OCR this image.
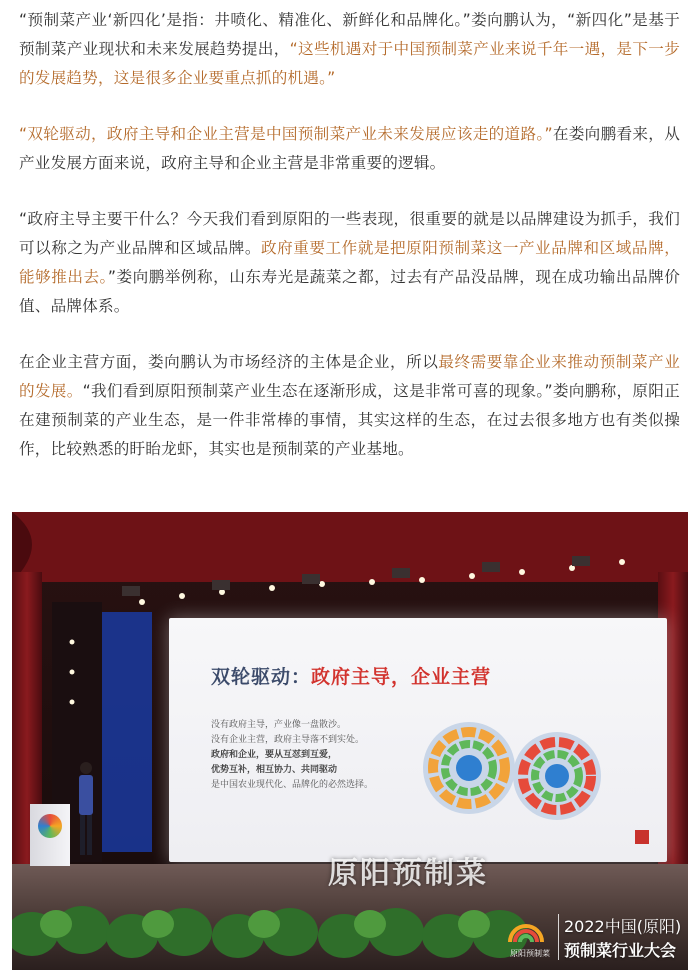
“预制菜产业‘新四化’是指：井喷化、精准化、新鲜化和品牌化。”娄向鹏认为，“新四化”是基于预制菜产业现状和未来发展趋势提出，“这些机遇对于中国预制菜产业来说千年一遇，是下一步的发展趋势，这是很多企业要重点抓的机遇。”

“双轮驱动，政府主导和企业主营是中国预制菜产业未来发展应该走的道路。”在娄向鹏看来，从产业发展方面来说，政府主导和企业主营是非常重要的逻辑。

“政府主导主要干什么？今天我们看到原阳的一些表现，很重要的就是以品牌建设为抓手，我们可以称之为产业品牌和区域品牌。政府重要工作就是把原阳预制菜这一产业品牌和区域品牌，能够推出去。”娄向鹏举例称，山东寿光是蔬菜之都，过去有产品没品牌，现在成功输出品牌价值、品牌体系。

在企业主营方面，娄向鹏认为市场经济的主体是企业，所以最终需要靠企业来推动预制菜产业的发展。“我们看到原阳预制菜产业生态在逐渐形成，这是非常可喜的现象。”娄向鹏称，原阳正在建预制菜的产业生态，是一件非常棒的事情，其实这样的生态，在过去很多地方也有类似操作，比较熟悉的盱眙龙虾，其实也是预制菜的产业基地。

双轮驱动：政府主导，企业主营
没有政府主导，产业像一盘散沙。
没有企业主营，政府主导落不到实处。
政府和企业，要从互怼到互爱，
优势互补，相互协力、共同驱动
是中国农业现代化、品牌化的必然选择。
原阳预制菜
原阳预制菜
2022中国(原阳)
预制菜行业大会
